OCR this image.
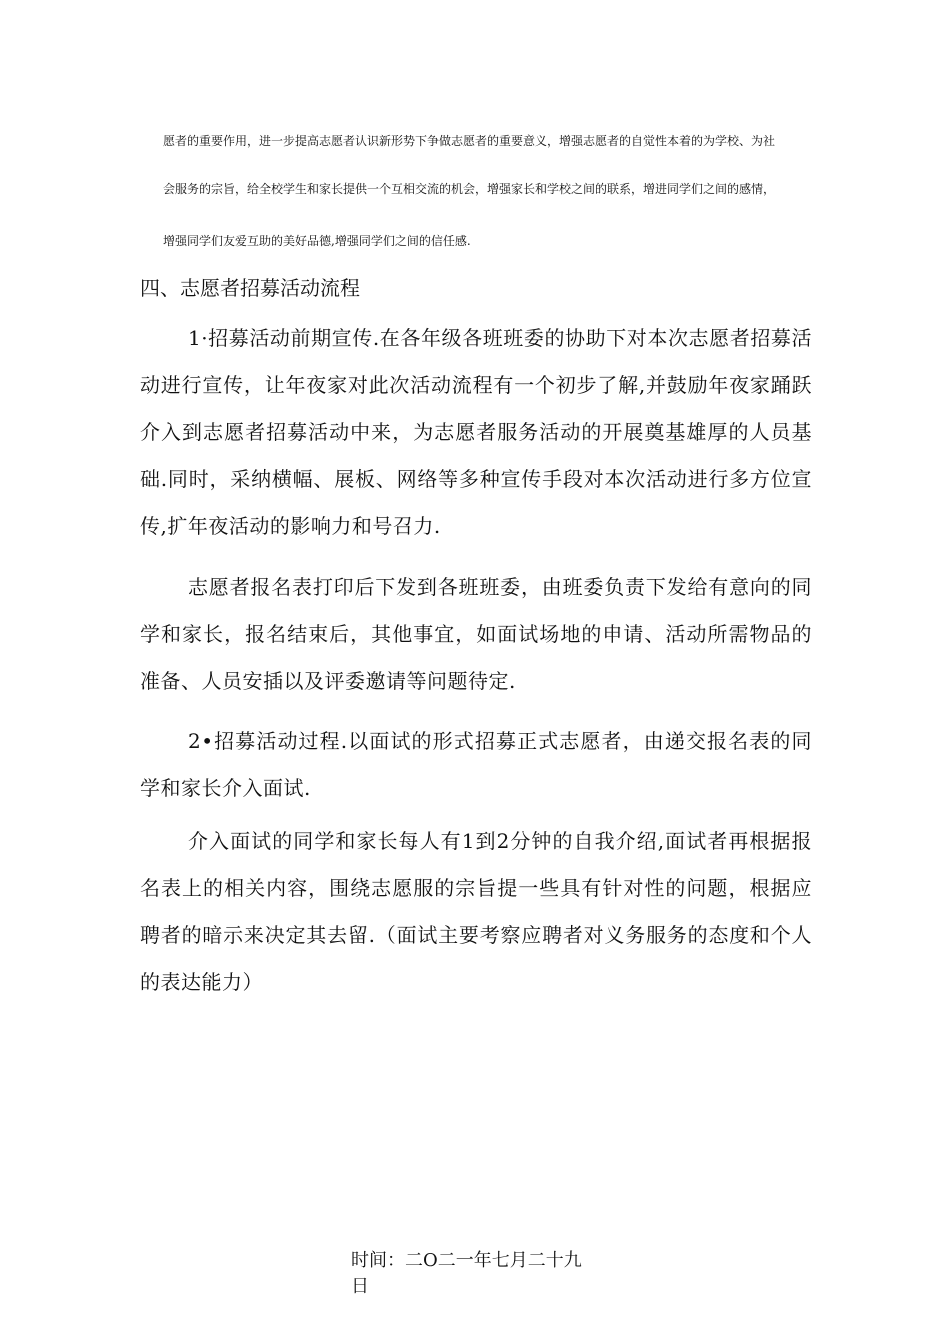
愿者的重要作用，进一步提高志愿者认识新形势下争做志愿者的重要意义，增强志愿者的自觉性本着的为学校、为社
会服务的宗旨，给全校学生和家长提供一个互相交流的机会，增强家长和学校之间的联系，增进同学们之间的感情，
增强同学们友爱互助的美好品德,增强同学们之间的信任感.
四、志愿者招募活动流程

1·招募活动前期宣传.在各年级各班班委的协助下对本次志愿者招募活动进行宣传，让年夜家对此次活动流程有一个初步了解,并鼓励年夜家踊跃介入到志愿者招募活动中来，为志愿者服务活动的开展奠基雄厚的人员基础.同时，采纳横幅、展板、网络等多种宣传手段对本次活动进行多方位宣传,扩年夜活动的影响力和号召力.

志愿者报名表打印后下发到各班班委，由班委负责下发给有意向的同学和家长，报名结束后，其他事宜，如面试场地的申请、活动所需物品的准备、人员安插以及评委邀请等问题待定.

2•招募活动过程.以面试的形式招募正式志愿者，由递交报名表的同学和家长介入面试.

介入面试的同学和家长每人有1到2分钟的自我介绍,面试者再根据报名表上的相关内容，围绕志愿服的宗旨提一些具有针对性的问题，根据应聘者的暗示来决定其去留.（面试主要考察应聘者对义务服务的态度和个人的表达能力）

时间：二O二一年七月二十九
日
